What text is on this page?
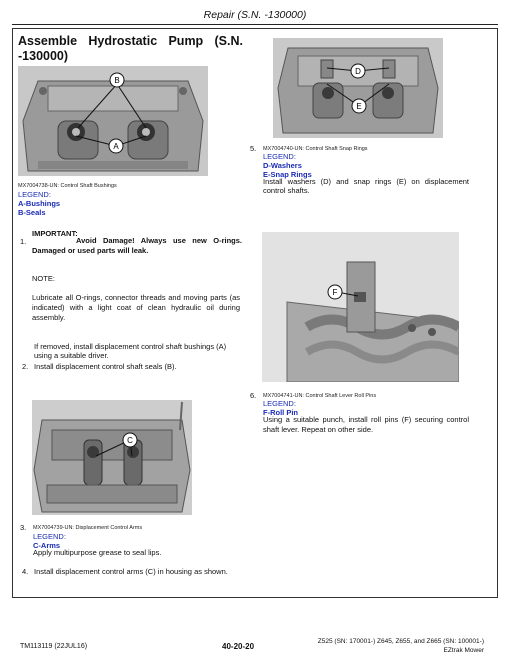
Repair (S.N. -130000)
Assemble Hydrostatic Pump (S.N.
-130000)
B
A
MX7004738-UN: Control Shaft Bushings
LEGEND:
A-Bushings
B-Seals
IMPORTANT:
1.	Avoid Damage! Always use new O-rings. Damaged or used parts will leak.
NOTE:
Lubricate all O-rings, connector threads and moving parts (as indicated) with a light coat of clean hydraulic oil during assembly.
If removed, install displacement control shaft bushings (A) using a suitable driver.
2. Install displacement control shaft seals (B).
C
3. MX7004739-UN: Displacement Control Arms
LEGEND:
C-Arms
Apply multipurpose grease to seal lips.
4. Install displacement control arms (C) in housing as shown.
D
E
5. MX7004740-UN: Control Shaft Snap Rings
LEGEND:
D-Washers
E-Snap Rings
Install washers (D) and snap rings (E) on displacement control shafts.
F
6. MX7004741-UN: Control Shaft Lever Roll Pins
LEGEND:
F-Roll Pin
Using a suitable punch, install roll pins (F) securing control shaft lever. Repeat on other side.
TM113119 (22JUL16)	40-20-20
Z525 (SN: 170001-) Z645, Z655, and Z665 (SN: 100001-)
EZtrak Mower
